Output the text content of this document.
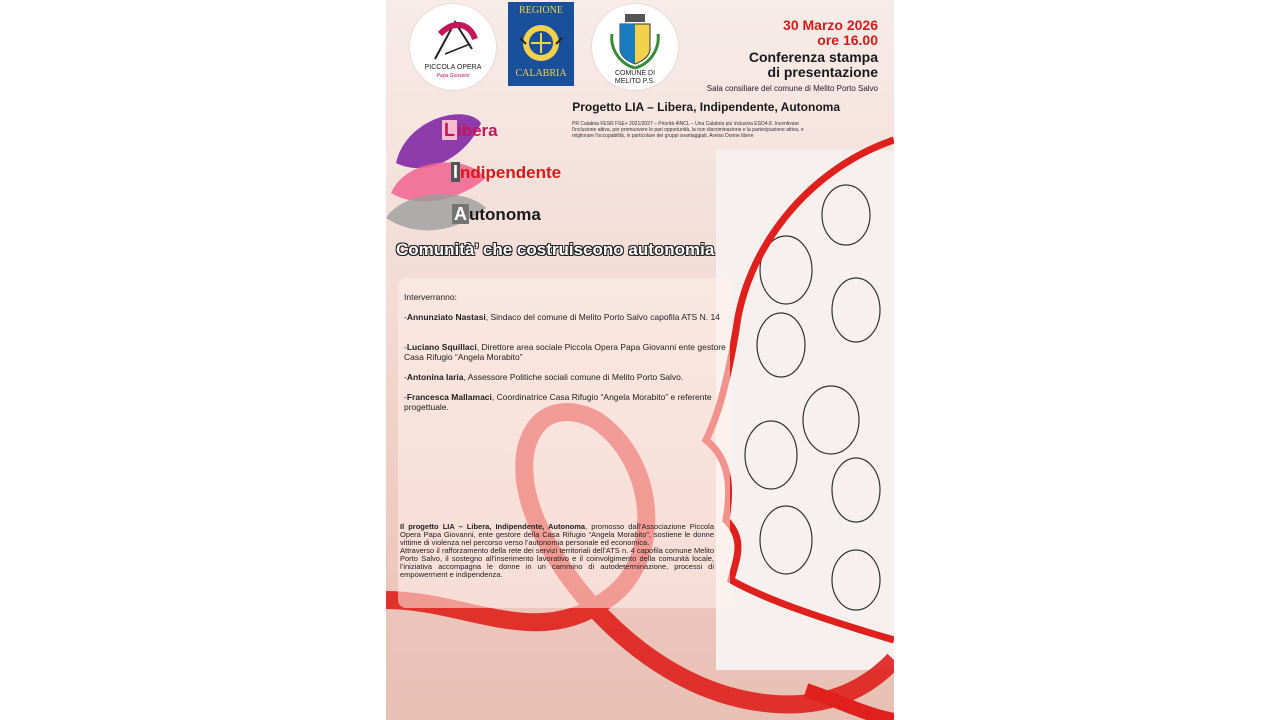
PICCOLA OPERA
Papa Giovanni
REGIONE
CALABRIA	COMUNE DI
MELITO P.S.
30 Marzo 2026
ore 16.00
Conferenza stampa
di presentazione
Sala consiliare del comune di Melito Porto Salvo
Progetto LIA – Libera, Indipendente, Autonoma
PR Calabria FESR FSE+ 2021/2027 – Priorità 4INCL – Una Calabria più inclusiva ESO4.8. Incentivare l'inclusione attiva, per promuovere le pari opportunità, la non discriminazione e la partecipazione attiva, e migliorare l'occupabilità, in particolare dei gruppi svantaggiati. Avviso Donne libere
L ibera
I ndipendente
A utonoma
Comunità’ che costruiscono autonomia
Interverranno:
-Annunziato Nastasi, Sindaco del comune di Melito Porto Salvo capofila ATS N. 14
-Luciano Squillaci, Direttore area sociale Piccola Opera Papa Giovanni ente gestore Casa Rifugio “Angela Morabito”
-Antonina Iaria, Assessore Politiche sociali comune di Melito Porto Salvo.
-Francesca Mallamaci, Coordinatrice Casa Rifugio “Angela Morabito” e referente progettuale.
Il progetto LIA – Libera, Indipendente, Autonoma, promosso dall’Associazione Piccola Opera Papa Giovanni, ente gestore della Casa Rifugio “Angela Morabito”, sostiene le donne vittime di violenza nel percorso verso l’autonomia personale ed economica.
Attraverso il rafforzamento della rete dei servizi territoriali dell’ATS n. 4 capofila comune Melito Porto Salvo, il sostegno all’inserimento lavorativo e il coinvolgimento della comunità locale, l’iniziativa accompagna le donne in un cammino di autodeterminazione, processi di empowerment e indipendenza.
